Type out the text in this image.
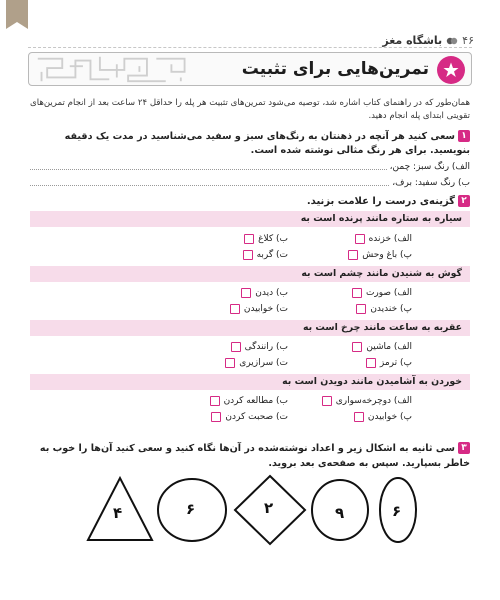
۴۶
باشگاه مغز
تمرین‌هایی برای تثبیت
همان‌طور که در راهنمای کتاب اشاره شد، توصیه می‌شود تمرین‌های تثبیت هر پله را حداقل ۲۴ ساعت بعد از انجام تمرین‌های تقویتی ابتدای پله انجام دهید.
۱سعی کنید هر آنچه در ذهنتان به رنگ‌های سبز و سفید می‌شناسید در مدت یک دقیقه بنویسید. برای هر رنگ مثالی نوشته شده است.
الف) رنگ سبز: چمن،
ب) رنگ سفید: برف،
۲گزینه‌ی درست را علامت بزنید.
سیاره به ستاره مانند پرنده است به
الف) خزنده
ب) کلاغ
پ) باغ وحش
ت) گربه
گوش به شنیدن مانند چشم است به
الف) صورت
ب) دیدن
پ) خندیدن
ت) خوابیدن
عقربه به ساعت مانند چرخ است به
الف) ماشین
ب) رانندگی
پ) ترمز
ت) سرازیری
خوردن به آشامیدن مانند دویدن است به
الف) دوچرخه‌سواری
ب) مطالعه کردن
پ) خوابیدن
ت) صحبت کردن
۳سی ثانیه به اشکال زیر و اعداد نوشته‌شده در آن‌ها نگاه کنید و سعی کنید آن‌ها را خوب به خاطر بسپارید. سپس به صفحه‌ی بعد بروید.
۴	۶	۲	۹	۶
